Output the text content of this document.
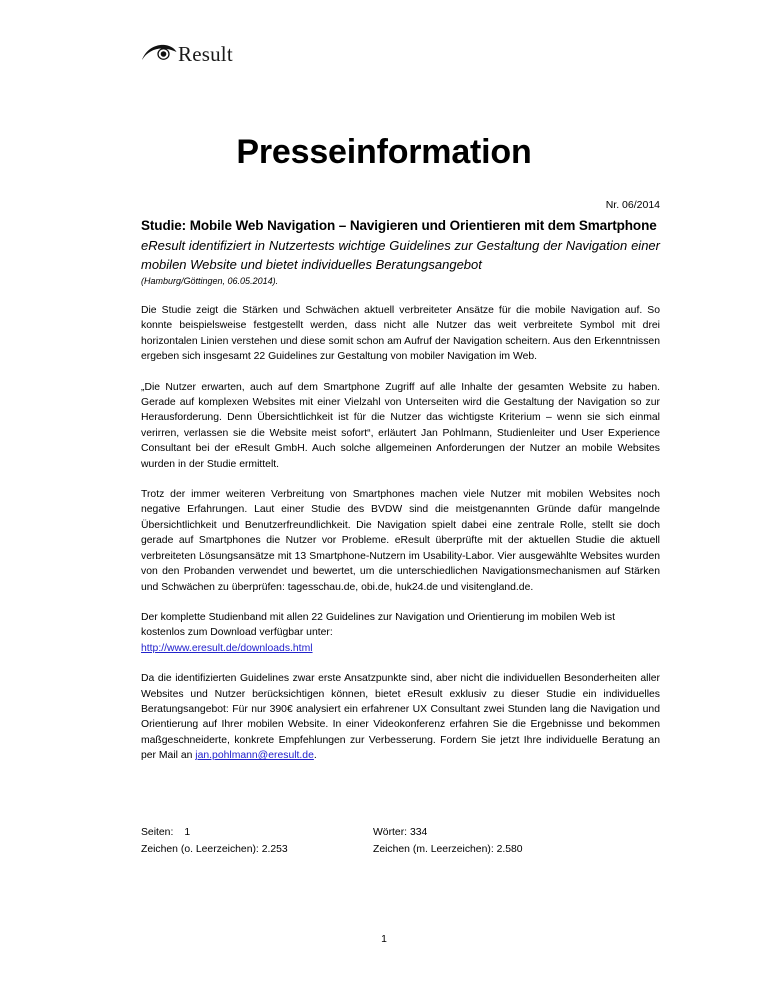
Result
Presseinformation
Nr. 06/2014
Studie: Mobile Web Navigation – Navigieren und Orientieren mit dem Smartphone

eResult identifiziert in Nutzertests wichtige Guidelines zur Gestaltung der Navigation einer mobilen Website und bietet individuelles Beratungsangebot

(Hamburg/Göttingen, 06.05.2014).

Die Studie zeigt die Stärken und Schwächen aktuell verbreiteter Ansätze für die mobile Navigation auf. So konnte beispielsweise festgestellt werden, dass nicht alle Nutzer das weit verbreitete Symbol mit drei horizontalen Linien verstehen und diese somit schon am Aufruf der Navigation scheitern. Aus den Erkenntnissen ergeben sich insgesamt 22 Guidelines zur Gestaltung von mobiler Navigation im Web.

„Die Nutzer erwarten, auch auf dem Smartphone Zugriff auf alle Inhalte der gesamten Website zu haben. Gerade auf komplexen Websites mit einer Vielzahl von Unterseiten wird die Gestaltung der Navigation so zur Herausforderung. Denn Übersichtlichkeit ist für die Nutzer das wichtigste Kriterium – wenn sie sich einmal verirren, verlassen sie die Website meist sofort“, erläutert Jan Pohlmann, Studienleiter und User Experience Consultant bei der eResult GmbH. Auch solche allgemeinen Anforderungen der Nutzer an mobile Websites wurden in der Studie ermittelt.

Trotz der immer weiteren Verbreitung von Smartphones machen viele Nutzer mit mobilen Websites noch negative Erfahrungen. Laut einer Studie des BVDW sind die meistgenannten Gründe dafür mangelnde Übersichtlichkeit und Benutzerfreundlichkeit. Die Navigation spielt dabei eine zentrale Rolle, stellt sie doch gerade auf Smartphones die Nutzer vor Probleme. eResult überprüfte mit der aktuellen Studie die aktuell verbreiteten Lösungsansätze mit 13 Smartphone-Nutzern im Usability-Labor. Vier ausgewählte Websites wurden von den Probanden verwendet und bewertet, um die unterschiedlichen Navigationsmechanismen auf Stärken und Schwächen zu überprüfen: tagesschau.de, obi.de, huk24.de und visitengland.de.

Der komplette Studienband mit allen 22 Guidelines zur Navigation und Orientierung im mobilen Web ist kostenlos zum Download verfügbar unter:
http://www.eresult.de/downloads.html

Da die identifizierten Guidelines zwar erste Ansatzpunkte sind, aber nicht die individuellen Besonderheiten aller Websites und Nutzer berücksichtigen können, bietet eResult exklusiv zu dieser Studie ein individuelles Beratungsangebot: Für nur 390€ analysiert ein erfahrener UX Consultant zwei Stunden lang die Navigation und Orientierung auf Ihrer mobilen Website. In einer Videokonferenz erfahren Sie die Ergebnisse und bekommen maßgeschneiderte, konkrete Empfehlungen zur Verbesserung. Fordern Sie jetzt Ihre individuelle Beratung an per Mail an jan.pohlmann@eresult.de.

Seiten: 1	Wörter: 334
Zeichen (o. Leerzeichen): 2.253	Zeichen (m. Leerzeichen): 2.580
1
